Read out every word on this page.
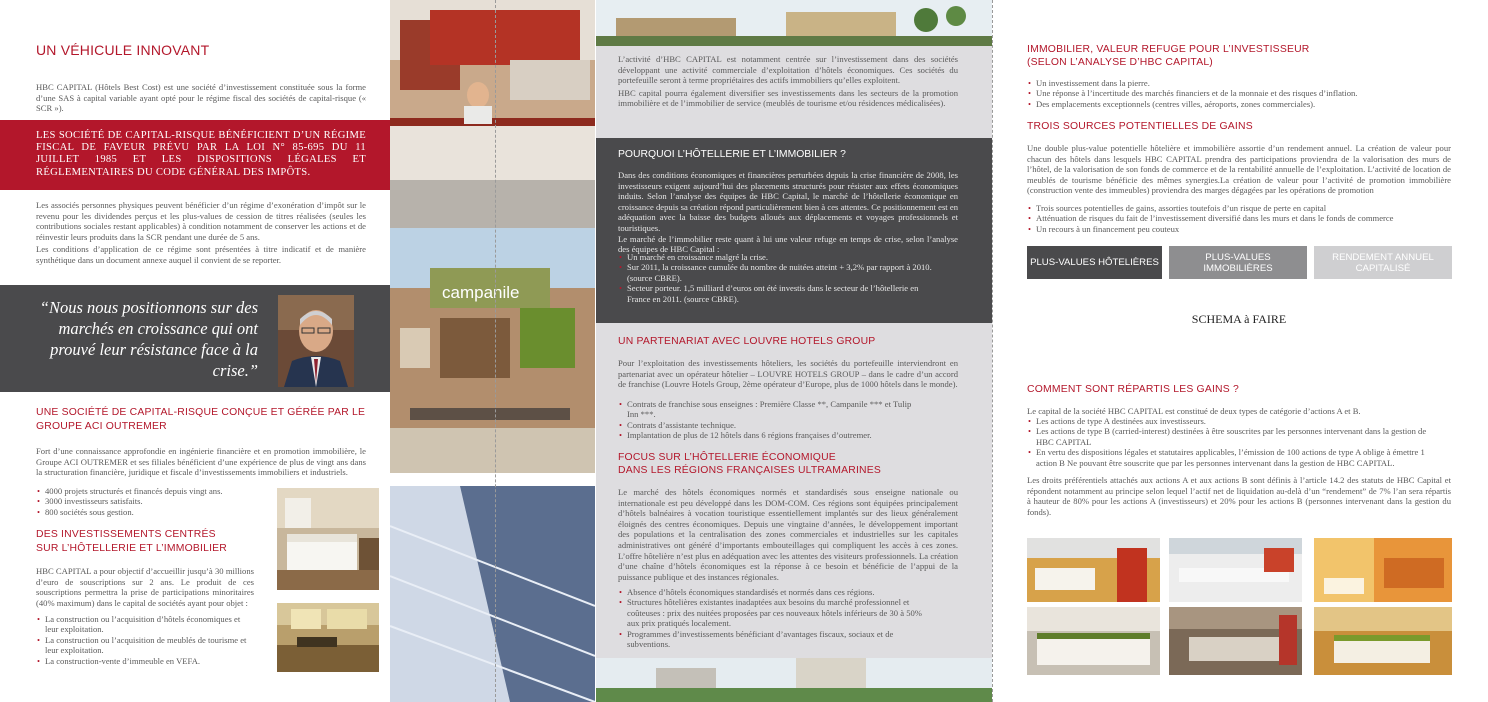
UN VÉHICULE INNOVANT
HBC CAPITAL (Hôtels Best Cost) est une société d’investissement constituée sous la forme d’une SAS à capital variable ayant opté pour le régime fiscal des sociétés de capital-risque (« SCR »).
LES SOCIÉTÉ DE CAPITAL-RISQUE BÉNÉFICIENT D’UN RÉGIME FISCAL DE FAVEUR PRÉVU PAR LA LOI N° 85-695 DU 11 JUILLET 1985 ET LES DISPOSITIONS LÉGALES ET RÉGLEMENTAIRES DU CODE GÉNÉRAL DES IMPÔTS.

Les associés personnes physiques peuvent bénéficier d’un régime d’exonération d’impôt sur le revenu pour les dividendes perçus et les plus-values de cession de titres réalisées (seules les contributions sociales restant applicables) à condition notamment de conserver les actions et de réinvestir leurs produits dans la SCR pendant une durée de 5 ans.

Les conditions d’application de ce régime sont présentées à titre indicatif et de manière synthétique dans un document annexe auquel il convient de se reporter.

“Nous nous positionnons sur des marchés en croissance qui ont prouvé leur résistance face à la crise.”
UNE SOCIÉTÉ DE CAPITAL-RISQUE CONÇUE ET GÉRÉE PAR LE GROUPE ACI OUTREMER
Fort d’une connaissance approfondie en ingénierie financière et en promotion immobilière, le Groupe ACI OUTREMER et ses filiales bénéficient d’une expérience de plus de vingt ans dans la structuration financière, juridique et fiscale d’investissements immobiliers et industriels.
• 4000 projets structurés et financés depuis vingt ans.
• 3000 investisseurs satisfaits.
• 800 sociétés sous gestion.
DES INVESTISSEMENTS CENTRÉS
SUR L’HÔTELLERIE ET L’IMMOBILIER
HBC CAPITAL a pour objectif d’accueillir jusqu’à 30 millions d’euro de souscriptions sur 2 ans. Le produit de ces souscriptions permettra la prise de participations minoritaires (40% maximum) dans le capital de sociétés ayant pour objet :
• La construction ou l’acquisition d’hôtels économiques et leur exploitation.
• La construction ou l’acquisition de meublés de tourisme et leur exploitation.
• La construction-vente d’immeuble en VEFA.
campanile

L’activité d’HBC CAPITAL est notamment centrée sur l’investissement dans des sociétés développant une activité commerciale d’exploitation d’hôtels économiques. Ces sociétés du portefeuille seront à terme propriétaires des actifs immobiliers qu’elles exploitent.

HBC capital pourra également diversifier ses investissements dans les secteurs de la promotion immobilière et de l’immobilier de service (meublés de tourisme et/ou résidences médicalisées).

POURQUOI L’HÔTELLERIE ET L’IMMOBILIER ?

Dans des conditions économiques et financières perturbées depuis la crise financière de 2008, les investisseurs exigent aujourd’hui des placements structurés pour résister aux effets économiques induits. Selon l’analyse des équipes de HBC Capital, le marché de l’hôtellerie économique en croissance depuis sa création répond particulièrement bien à ces attentes. Ce positionnement est en adéquation avec la baisse des budgets alloués aux déplacements et voyages professionnels et touristiques.

Le marché de l’immobilier reste quant à lui une valeur refuge en temps de crise, selon l’analyse des équipes de HBC Capital :

• Un marché en croissance malgré la crise.
• Sur 2011, la croissance cumulée du nombre de nuitées atteint + 3,2% par rapport à 2010. (source CBRE).
• Secteur porteur. 1,5 milliard d’euros ont été investis dans le secteur de l’hôtellerie en France en 2011. (source CBRE).
UN PARTENARIAT AVEC LOUVRE HOTELS GROUP
Pour l’exploitation des investissements hôteliers, les sociétés du portefeuille interviendront en partenariat avec un opérateur hôtelier – LOUVRE HOTELS GROUP – dans le cadre d’un accord de franchise (Louvre Hotels Group, 2ème opérateur d’Europe, plus de 1000 hôtels dans le monde).
• Contrats de franchise sous enseignes : Première Classe **, Campanile *** et Tulip Inn ***.
• Contrats d’assistante technique.
• Implantation de plus de 12 hôtels dans 6 régions françaises d’outremer.
FOCUS SUR L’HÔTELLERIE ÉCONOMIQUE
DANS LES RÉGIONS FRANÇAISES ULTRAMARINES
Le marché des hôtels économiques normés et standardisés sous enseigne nationale ou internationale est peu développé dans les DOM-COM. Ces régions sont équipées principalement d’hôtels balnéaires à vocation touristique essentiellement implantés sur des lieux généralement éloignés des centres économiques. Depuis une vingtaine d’années, le développement important des populations et la centralisation des zones commerciales et industrielles sur les capitales administratives ont généré d’importants embouteillages qui compliquent les accès à ces zones. L’offre hôtelière n’est plus en adéquation avec les attentes des visiteurs professionnels. La création d’une chaîne d’hôtels économiques est la réponse à ce besoin et bénéficie de l’appui de la puissance publique et des instances régionales.
• Absence d’hôtels économiques standardisés et normés dans ces régions.
• Structures hôtelières existantes inadaptées aux besoins du marché professionnel et coûteuses : prix des nuitées proposées par ces nouveaux hôtels inférieurs de 30 à 50% aux prix pratiqués localement.
• Programmes d’investissements bénéficiant d’avantages fiscaux, sociaux et de subventions.
IMMOBILIER, VALEUR REFUGE POUR L’INVESTISSEUR
(SELON L’ANALYSE D’HBC CAPITAL)
• Un investissement dans la pierre.
• Une réponse à l’incertitude des marchés financiers et de la monnaie et des risques d’inflation.
• Des emplacements exceptionnels (centres villes, aéroports, zones commerciales).
TROIS SOURCES POTENTIELLES DE GAINS
Une double plus-value potentielle hôtelière et immobilière assortie d’un rendement annuel. La création de valeur pour chacun des hôtels dans lesquels HBC CAPITAL prendra des participations proviendra de la valorisation des murs de l’hôtel, de la valorisation de son fonds de commerce et de la rentabilité annuelle de l’exploitation. L’activité de location de meublés de tourisme bénéficie des mêmes synergies.La création de valeur pour l’activité de promotion immobilière (construction vente des immeubles) proviendra des marges dégagées par les opérations de promotion
• Trois sources potentielles de gains, assorties toutefois d’un risque de perte en capital
• Atténuation de risques du fait de l’investissement diversifié dans les murs et dans le fonds de commerce
• Un recours à un financement peu couteux
PLUS-VALUES HÔTELIÈRES	PLUS-VALUES IMMOBILIÈRES
RENDEMENT ANNUEL CAPITALISÉ
SCHEMA à FAIRE
COMMENT SONT RÉPARTIS LES GAINS ?
Le capital de la société HBC CAPITAL est constitué de deux types de catégorie d’actions A et B.
• Les actions de type A destinées aux investisseurs.
• Les actions de type B (carried-interest) destinées à être souscrites par les personnes intervenant dans la gestion de HBC CAPITAL
• En vertu des dispositions légales et statutaires applicables, l’émission de 100 actions de type A oblige à émettre 1 action B Ne pouvant être souscrite que par les personnes intervenant dans la gestion de HBC CAPITAL.
Les droits préférentiels attachés aux actions A et aux actions B sont définis à l’article 14.2 des statuts de HBC Capital et répondent notamment au principe selon lequel l’actif net de liquidation au-delà d’un “rendement” de 7% l’an sera répartis à hauteur de 80% pour les actions A (investisseurs) et 20% pour les actions B (personnes intervenant dans la gestion du fonds).
